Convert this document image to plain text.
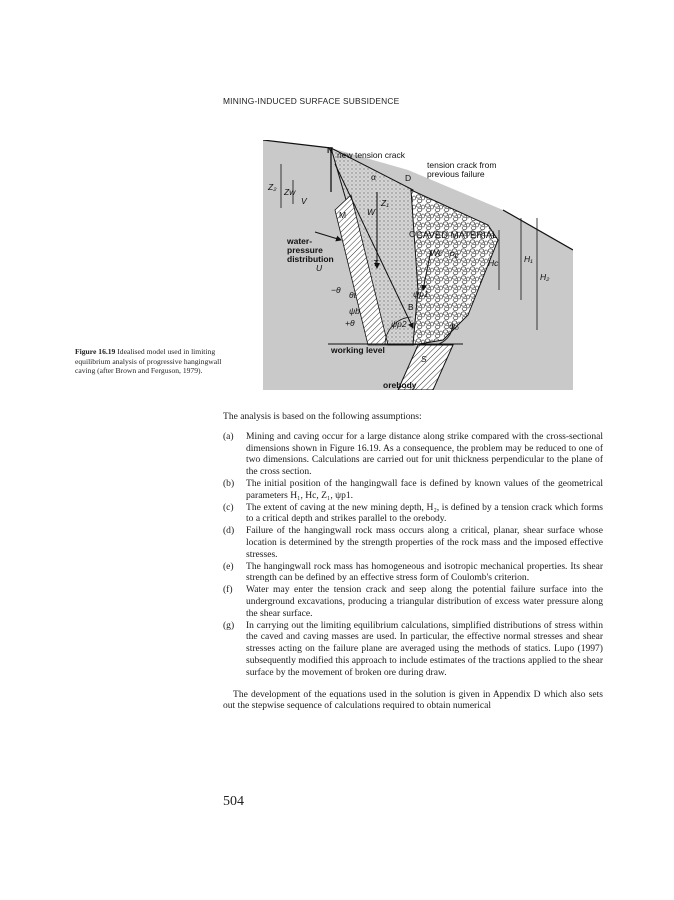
MINING-INDUCED SURFACE SUBSIDENCE
N new tension crack
tension crack from
previous failure
α	D
Z₁
Z₂ Zw
V
M W
C CAVED MATERIAL
water-
pressure
distribution
U	T
Wc Pc
Hc	H₁
H₂
−θ θt
+θ
ψb
ψp1
ψp2	ψ₀
B
S
working level
orebody
Figure 16.19 Idealised model used in limiting equilibrium analysis of progressive hangingwall caving (after Brown and Ferguson, 1979).

The analysis is based on the following assumptions:

(a) Mining and caving occur for a large distance along strike compared with the cross-sectional dimensions shown in Figure 16.19. As a consequence, the problem may be reduced to one of two dimensions. Calculations are carried out for unit thickness perpendicular to the plane of the cross section.
(b) The initial position of the hangingwall face is defined by known values of the geometrical parameters H₁, Hc, Z₁, ψp1.
(c) The extent of caving at the new mining depth, H₂, is defined by a tension crack which forms to a critical depth and strikes parallel to the orebody.
(d) Failure of the hangingwall rock mass occurs along a critical, planar, shear surface whose location is determined by the strength properties of the rock mass and the imposed effective stresses.
(e) The hangingwall rock mass has homogeneous and isotropic mechanical properties. Its shear strength can be defined by an effective stress form of Coulomb's criterion.
(f) Water may enter the tension crack and seep along the potential failure surface into the underground excavations, producing a triangular distribution of excess water pressure along the shear surface.
(g) In carrying out the limiting equilibrium calculations, simplified distributions of stress within the caved and caving masses are used. In particular, the effective normal stresses and shear stresses acting on the failure plane are averaged using the methods of statics. Lupo (1997) subsequently modified this approach to include estimates of the tractions applied to the shear surface by the movement of broken ore during draw.

The development of the equations used in the solution is given in Appendix D which also sets out the stepwise sequence of calculations required to obtain numerical

504
